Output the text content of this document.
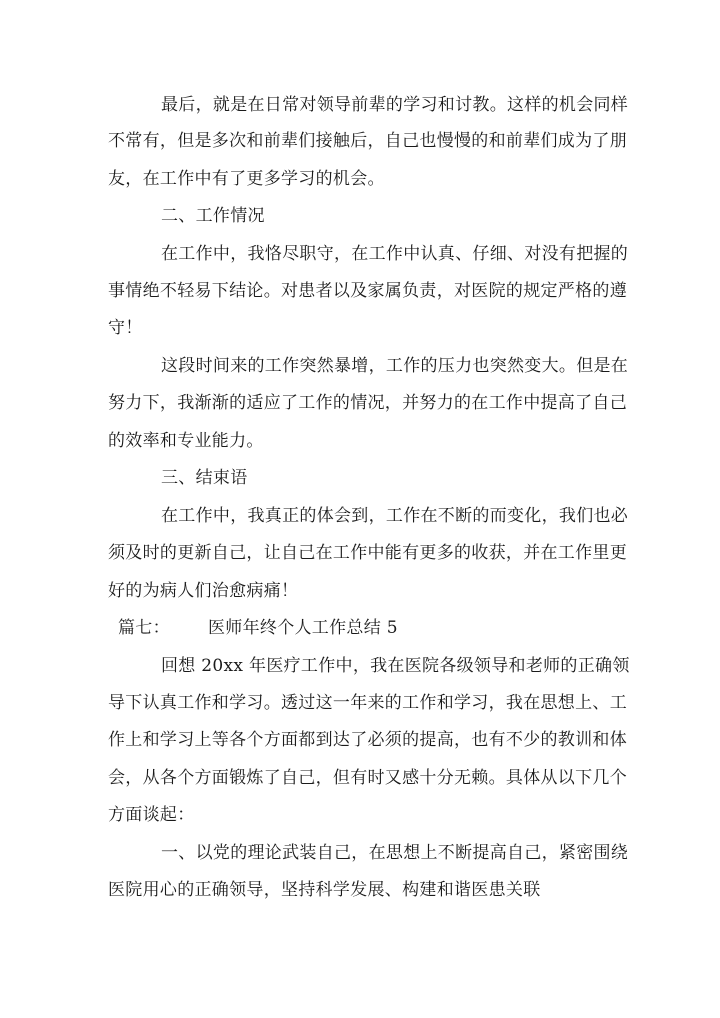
最后，就是在日常对领导前辈的学习和讨教。这样的机会同样
不常有，但是多次和前辈们接触后，自己也慢慢的和前辈们成为了朋
友，在工作中有了更多学习的机会。
二、工作情况
在工作中，我恪尽职守，在工作中认真、仔细、对没有把握的
事情绝不轻易下结论。对患者以及家属负责，对医院的规定严格的遵
守！
这段时间来的工作突然暴增，工作的压力也突然变大。但是在
努力下，我渐渐的适应了工作的情况，并努力的在工作中提高了自己
的效率和专业能力。
三、结束语
在工作中，我真正的体会到，工作在不断的而变化，我们也必
须及时的更新自己，让自己在工作中能有更多的收获，并在工作里更
好的为病人们治愈病痛！
篇七：	医师年终个人工作总结 5
回想 20xx 年医疗工作中，我在医院各级领导和老师的正确领
导下认真工作和学习。透过这一年来的工作和学习，我在思想上、工
作上和学习上等各个方面都到达了必须的提高，也有不少的教训和体
会，从各个方面锻炼了自己，但有时又感十分无赖。具体从以下几个
方面谈起：
一、以党的理论武装自己，在思想上不断提高自己，紧密围绕
医院用心的正确领导，坚持科学发展、构建和谐医患关联
